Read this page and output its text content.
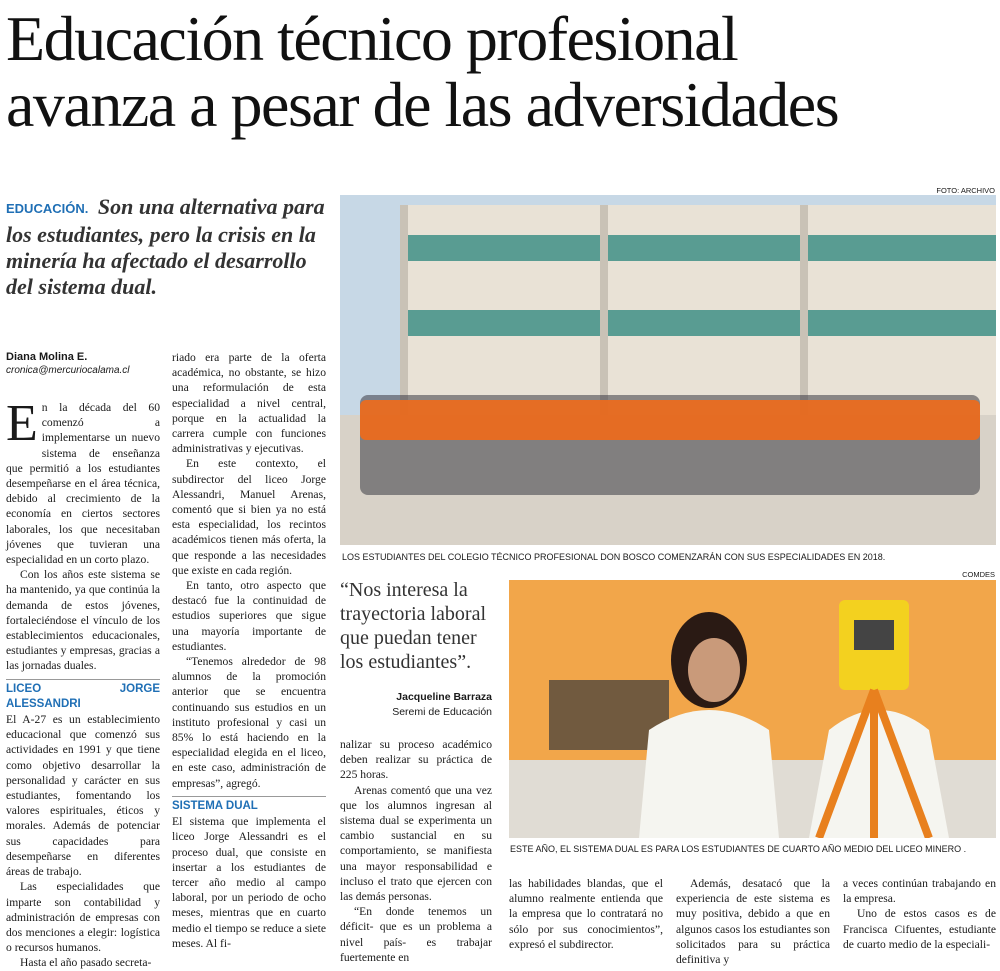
Educación técnico profesional
avanza a pesar de las adversidades
EDUCACIÓN. Son una alternativa para los estudiantes, pero la crisis en la minería ha afectado el desarrollo del sistema dual.
Diana Molina E.
cronica@mercuriocalama.cl

En la década del 60 comenzó a implementarse un nuevo sistema de enseñanza que permitió a los estudiantes desempeñarse en el área técnica, debido al crecimiento de la economía en ciertos sectores laborales, los que necesitaban jóvenes que tuvieran una especialidad en un corto plazo.

Con los años este sistema se ha mantenido, ya que continúa la demanda de estos jóvenes, fortaleciéndose el vínculo de los establecimientos educacionales, estudiantes y empresas, gracias a las jornadas duales.

LICEO JORGE ALESSANDRI

El A-27 es un establecimiento educacional que comenzó sus actividades en 1991 y que tiene como objetivo desarrollar la personalidad y carácter en sus estudiantes, fomentando los valores espirituales, éticos y morales. Además de potenciar sus capacidades para desempeñarse en diferentes áreas de trabajo.

Las especialidades que imparte son contabilidad y administración de empresas con dos menciones a elegir: logística o recursos humanos.

Hasta el año pasado secreta-

riado era parte de la oferta académica, no obstante, se hizo una reformulación de esta especialidad a nivel central, porque en la actualidad la carrera cumple con funciones administrativas y ejecutivas.

En este contexto, el subdirector del liceo Jorge Alessandri, Manuel Arenas, comentó que si bien ya no está esta especialidad, los recintos académicos tienen más oferta, la que responde a las necesidades que existe en cada región.

En tanto, otro aspecto que destacó fue la continuidad de estudios superiores que sigue una mayoría importante de estudiantes.

“Tenemos alrededor de 98 alumnos de la promoción anterior que se encuentra continuando sus estudios en un instituto profesional y casi un 85% lo está haciendo en la especialidad elegida en el liceo, en este caso, administración de empresas”, agregó.

SISTEMA DUAL

El sistema que implementa el liceo Jorge Alessandri es el proceso dual, que consiste en insertar a los estudiantes de tercer año medio al campo laboral, por un periodo de ocho meses, mientras que en cuarto medio el tiempo se reduce a siete meses. Al fi-

FOTO: ARCHIVO
LOS ESTUDIANTES DEL COLEGIO TÉCNICO PROFESIONAL DON BOSCO COMENZARÁN CON SUS ESPECIALIDADES EN 2018.
“Nos interesa la trayectoria laboral que puedan tener los estudiantes”.
Jacqueline Barraza
Seremi de Educación
COMDES
ESTE AÑO, EL SISTEMA DUAL ES PARA LOS ESTUDIANTES DE CUARTO AÑO MEDIO DEL LICEO MINERO .

nalizar su proceso académico deben realizar su práctica de 225 horas.

Arenas comentó que una vez que los alumnos ingresan al sistema dual se experimenta un cambio sustancial en su comportamiento, se manifiesta una mayor responsabilidad e incluso el trato que ejercen con las demás personas.

“En donde tenemos un déficit- que es un problema a nivel país- es trabajar fuertemente en

las habilidades blandas, que el alumno realmente entienda que la empresa que lo contratará no sólo por sus conocimientos”, expresó el subdirector.

Además, desatacó que la experiencia de este sistema es muy positiva, debido a que en algunos casos los estudiantes son solicitados para su práctica definitiva y

a veces continúan trabajando en la empresa.

Uno de estos casos es de Francisca Cifuentes, estudiante de cuarto medio de la especiali-
